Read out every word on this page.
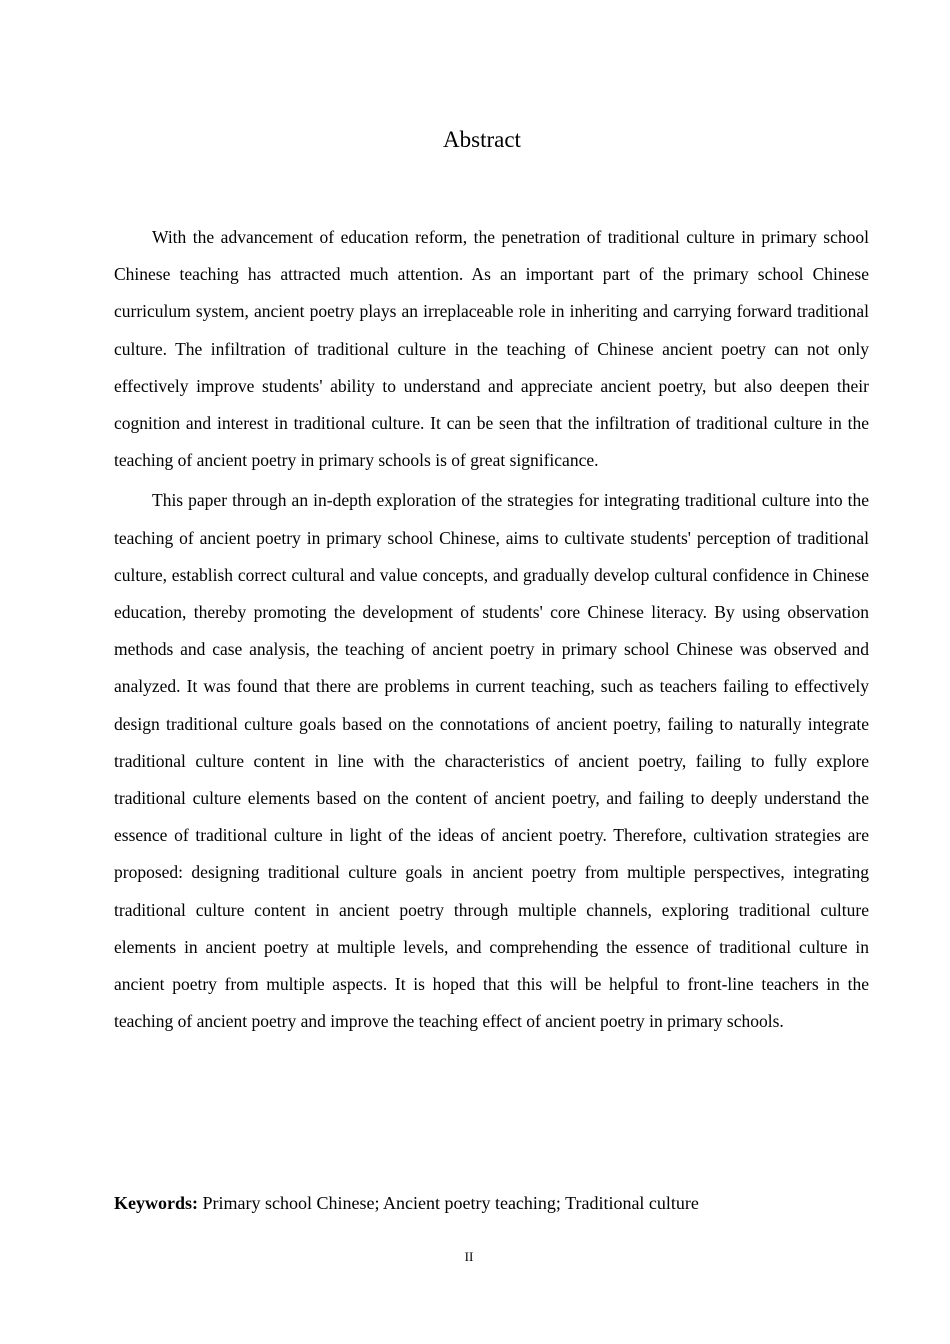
Abstract

With the advancement of education reform, the penetration of traditional culture in primary school Chinese teaching has attracted much attention. As an important part of the primary school Chinese curriculum system, ancient poetry plays an irreplaceable role in inheriting and carrying forward traditional culture. The infiltration of traditional culture in the teaching of Chinese ancient poetry can not only effectively improve students' ability to understand and appreciate ancient poetry, but also deepen their cognition and interest in traditional culture. It can be seen that the infiltration of traditional culture in the teaching of ancient poetry in primary schools is of great significance.

This paper through an in-depth exploration of the strategies for integrating traditional culture into the teaching of ancient poetry in primary school Chinese, aims to cultivate students' perception of traditional culture, establish correct cultural and value concepts, and gradually develop cultural confidence in Chinese education, thereby promoting the development of students' core Chinese literacy. By using observation methods and case analysis, the teaching of ancient poetry in primary school Chinese was observed and analyzed. It was found that there are problems in current teaching, such as teachers failing to effectively design traditional culture goals based on the connotations of ancient poetry, failing to naturally integrate traditional culture content in line with the characteristics of ancient poetry, failing to fully explore traditional culture elements based on the content of ancient poetry, and failing to deeply understand the essence of traditional culture in light of the ideas of ancient poetry. Therefore, cultivation strategies are proposed: designing traditional culture goals in ancient poetry from multiple perspectives, integrating traditional culture content in ancient poetry through multiple channels, exploring traditional culture elements in ancient poetry at multiple levels, and comprehending the essence of traditional culture in ancient poetry from multiple aspects. It is hoped that this will be helpful to front-line teachers in the teaching of ancient poetry and improve the teaching effect of ancient poetry in primary schools.

Keywords: Primary school Chinese; Ancient poetry teaching; Traditional culture

II
